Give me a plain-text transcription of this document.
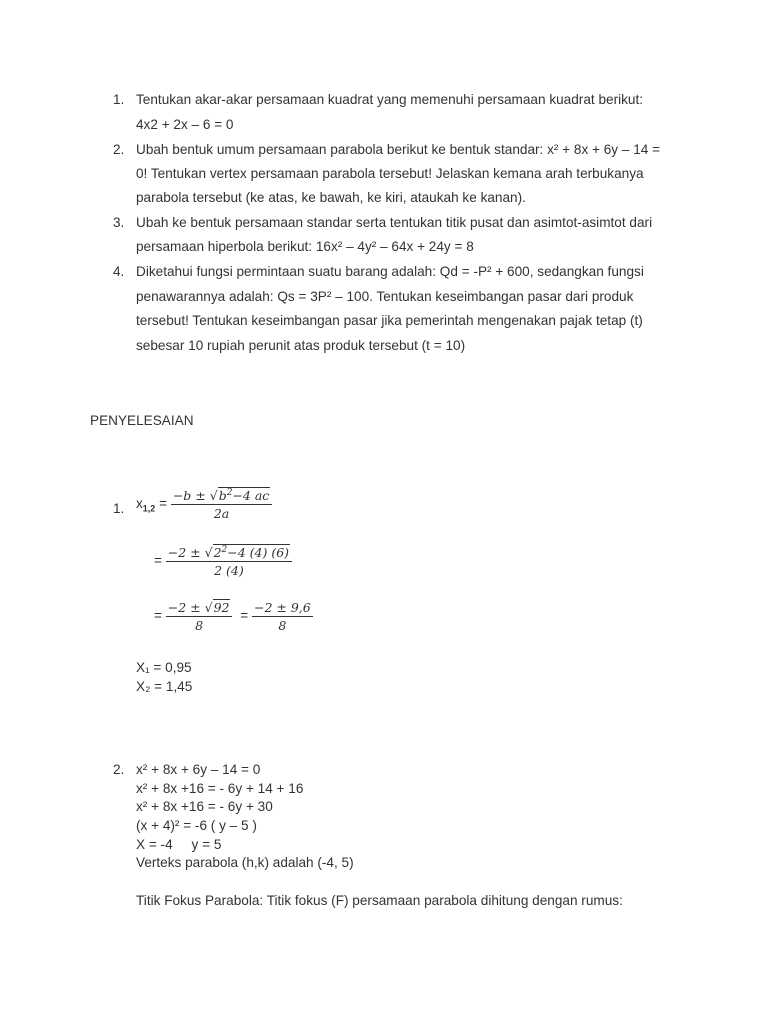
1. Tentukan akar-akar persamaan kuadrat yang memenuhi persamaan kuadrat berikut:
4x2 + 2x – 6 = 0
2. Ubah bentuk umum persamaan parabola berikut ke bentuk standar: x² + 8x + 6y – 14 =
0! Tentukan vertex persamaan parabola tersebut! Jelaskan kemana arah terbukanya
parabola tersebut (ke atas, ke bawah, ke kiri, ataukah ke kanan).
3. Ubah ke bentuk persamaan standar serta tentukan titik pusat dan asimtot-asimtot dari
persamaan hiperbola berikut: 16x² – 4y² – 64x + 24y = 8
4. Diketahui fungsi permintaan suatu barang adalah: Qd = -P² + 600, sedangkan fungsi
penawarannya adalah: Qs = 3P² – 100. Tentukan keseimbangan pasar dari produk
tersebut! Tentukan keseimbangan pasar jika pemerintah mengenakan pajak tetap (t)
sebesar 10 rupiah perunit atas produk tersebut (t = 10)
PENYELESAIAN
1. $x_{1,2} = \frac{-b \pm √b^2-4 ac}{2a}$
= $\frac{-2 \pm √2^2-4 (4) (6)}{2 (4)}$
= $\frac{-2 \pm √92}{8} = \frac{-2 \pm 9,6}{8}$
X₁ = 0,95
X₂ = 1,45
2. x² + 8x + 6y – 14 = 0
x² + 8x +16 = - 6y + 14 + 16
x² + 8x +16 = - 6y + 30
(x + 4)² = -6 ( y – 5 )
X = -4     y = 5
Verteks parabola (h,k) adalah (-4, 5)
Titik Fokus Parabola: Titik fokus (F) persamaan parabola dihitung dengan rumus:
